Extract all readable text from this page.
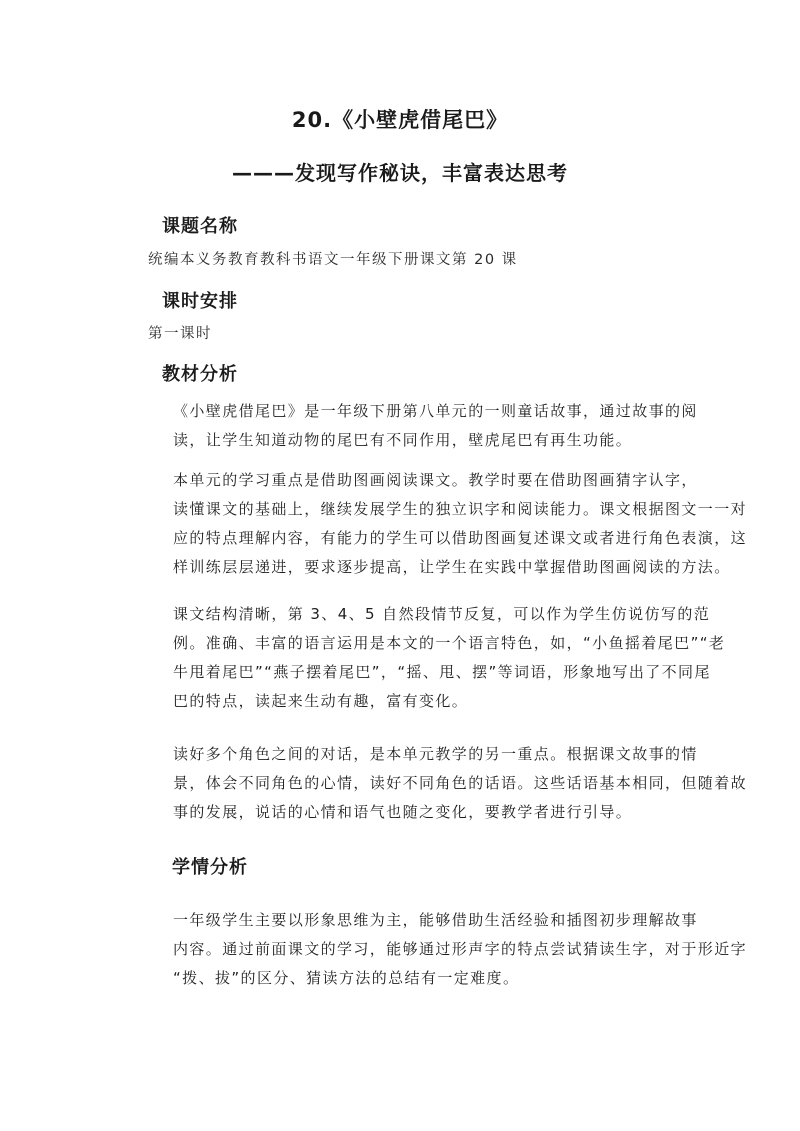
20.《小壁虎借尾巴》
———发现写作秘诀，丰富表达思考
课题名称
统编本义务教育教科书语文一年级下册课文第 20 课
课时安排
第一课时
教材分析
《小壁虎借尾巴》是一年级下册第八单元的一则童话故事，通过故事的阅
读，让学生知道动物的尾巴有不同作用，壁虎尾巴有再生功能。
本单元的学习重点是借助图画阅读课文。教学时要在借助图画猜字认字，
读懂课文的基础上，继续发展学生的独立识字和阅读能力。课文根据图文一一对
应的特点理解内容，有能力的学生可以借助图画复述课文或者进行角色表演，这
样训练层层递进，要求逐步提高，让学生在实践中掌握借助图画阅读的方法。
课文结构清晰，第 3、4、5 自然段情节反复，可以作为学生仿说仿写的范
例。准确、丰富的语言运用是本文的一个语言特色，如，“小鱼摇着尾巴”“老
牛甩着尾巴”“燕子摆着尾巴”，“摇、甩、摆”等词语，形象地写出了不同尾
巴的特点，读起来生动有趣，富有变化。
读好多个角色之间的对话，是本单元教学的另一重点。根据课文故事的情
景，体会不同角色的心情，读好不同角色的话语。这些话语基本相同，但随着故
事的发展，说话的心情和语气也随之变化，要教学者进行引导。
学情分析
一年级学生主要以形象思维为主，能够借助生活经验和插图初步理解故事
内容。通过前面课文的学习，能够通过形声字的特点尝试猜读生字，对于形近字
“拨、拔”的区分、猜读方法的总结有一定难度。
